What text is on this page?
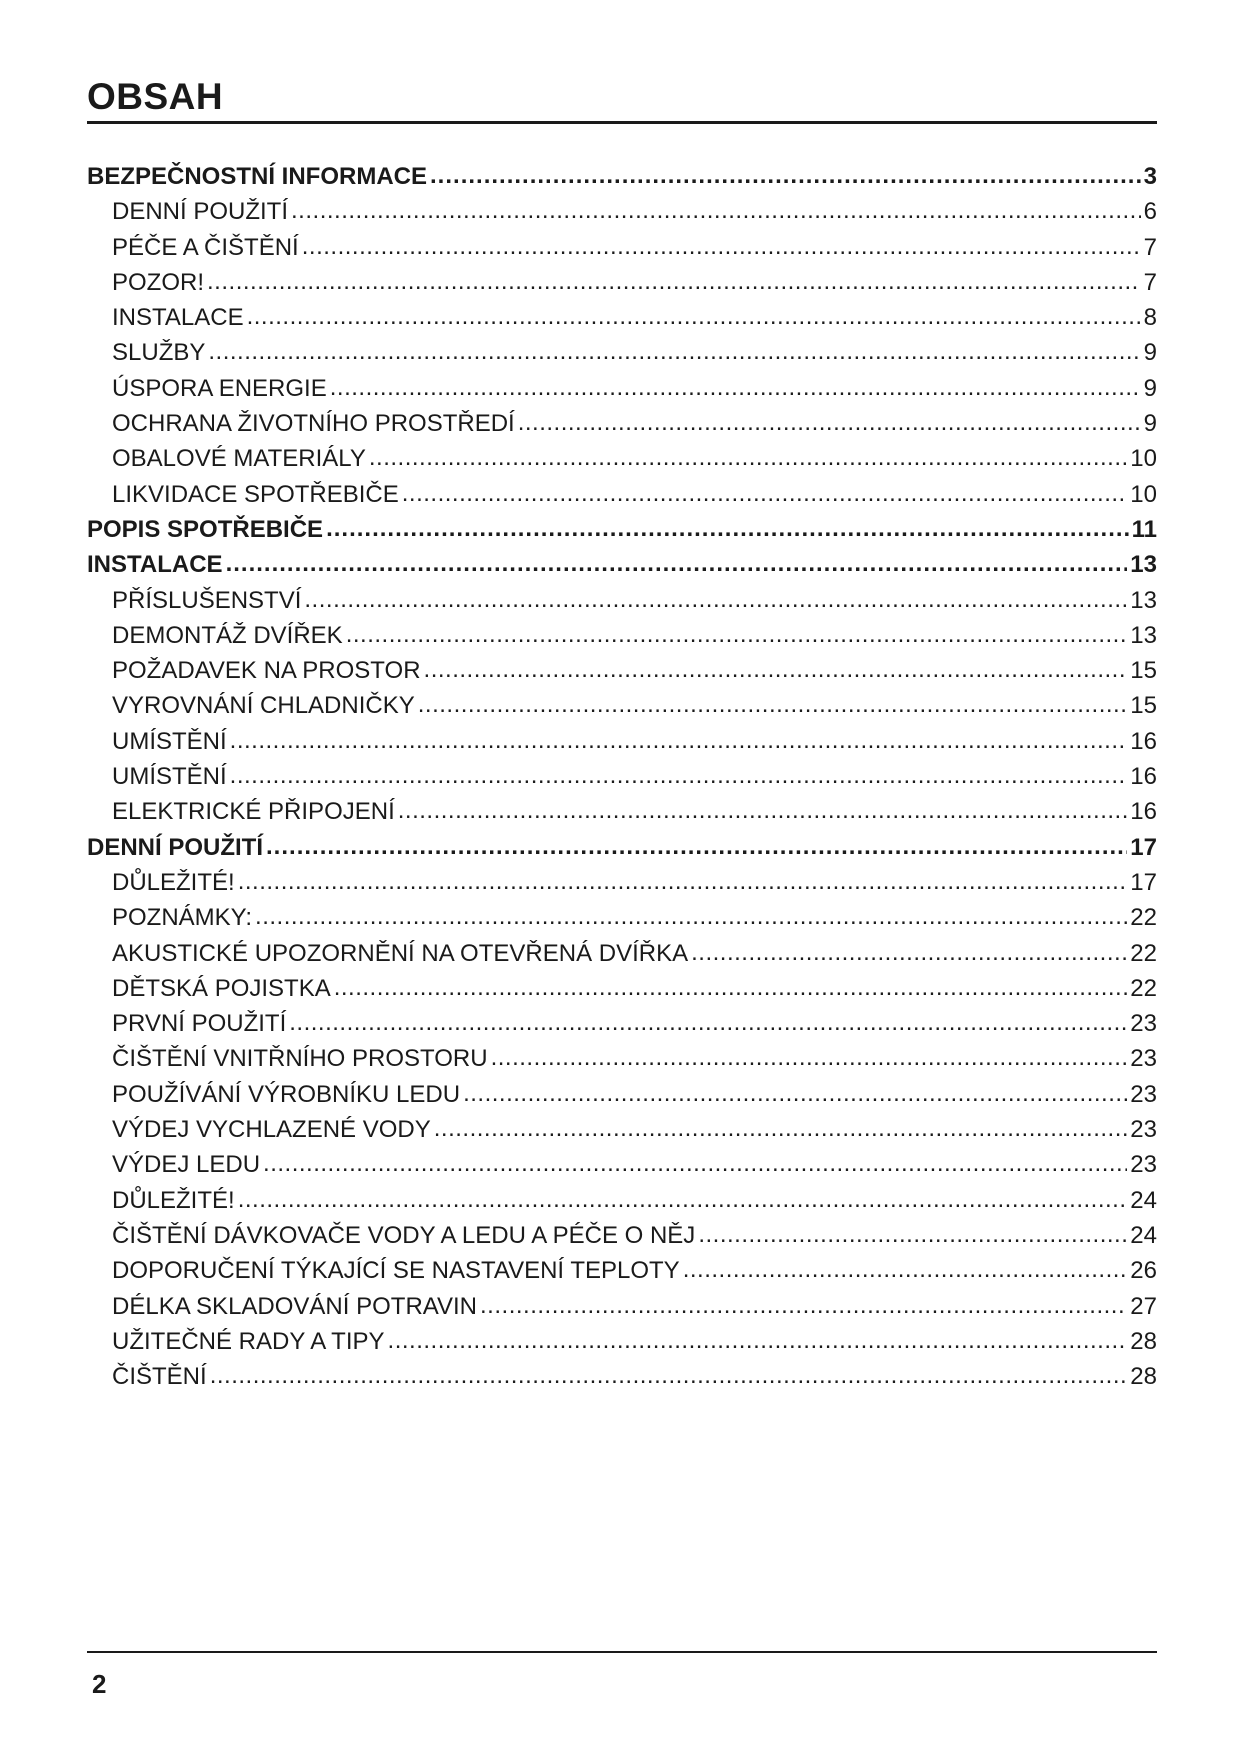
OBSAH
BEZPEČNOSTNÍ INFORMACE .....	3
DENNÍ POUŽITÍ .....	6
PÉČE A ČIŠTĚNÍ .....	7
POZOR! .....	7
INSTALACE .....	8
SLUŽBY .....	9
ÚSPORA ENERGIE .....	9
OCHRANA ŽIVOTNÍHO PROSTŘEDÍ .....	9
OBALOVÉ MATERIÁLY .....	10
LIKVIDACE SPOTŘEBIČE .....	10
POPIS SPOTŘEBIČE .....	11
INSTALACE .....	13
PŘÍSLUŠENSTVÍ .....	13
DEMONTÁŽ DVÍŘEK .....	13
POŽADAVEK NA PROSTOR .....	15
VYROVNÁNÍ CHLADNIČKY .....	15
UMÍSTĚNÍ .....	16
UMÍSTĚNÍ .....	16
ELEKTRICKÉ PŘIPOJENÍ .....	16
DENNÍ POUŽITÍ .....	17
DŮLEŽITÉ! .....	17
POZNÁMKY: .....	22
AKUSTICKÉ UPOZORNĚNÍ NA OTEVŘENÁ DVÍŘKA .....	22
DĚTSKÁ POJISTKA .....	22
PRVNÍ POUŽITÍ .....	23
ČIŠTĚNÍ VNITŘNÍHO PROSTORU .....	23
POUŽÍVÁNÍ VÝROBNÍKU LEDU .....	23
VÝDEJ VYCHLAZENÉ VODY .....	23
VÝDEJ LEDU .....	23
DŮLEŽITÉ! .....	24
ČIŠTĚNÍ DÁVKOVAČE VODY A LEDU A PÉČE O NĚJ .....	24
DOPORUČENÍ TÝKAJÍCÍ SE NASTAVENÍ TEPLOTY .....	26
DÉLKA SKLADOVÁNÍ POTRAVIN .....	27
UŽITEČNÉ RADY A TIPY .....	28
ČIŠTĚNÍ .....	28
2
